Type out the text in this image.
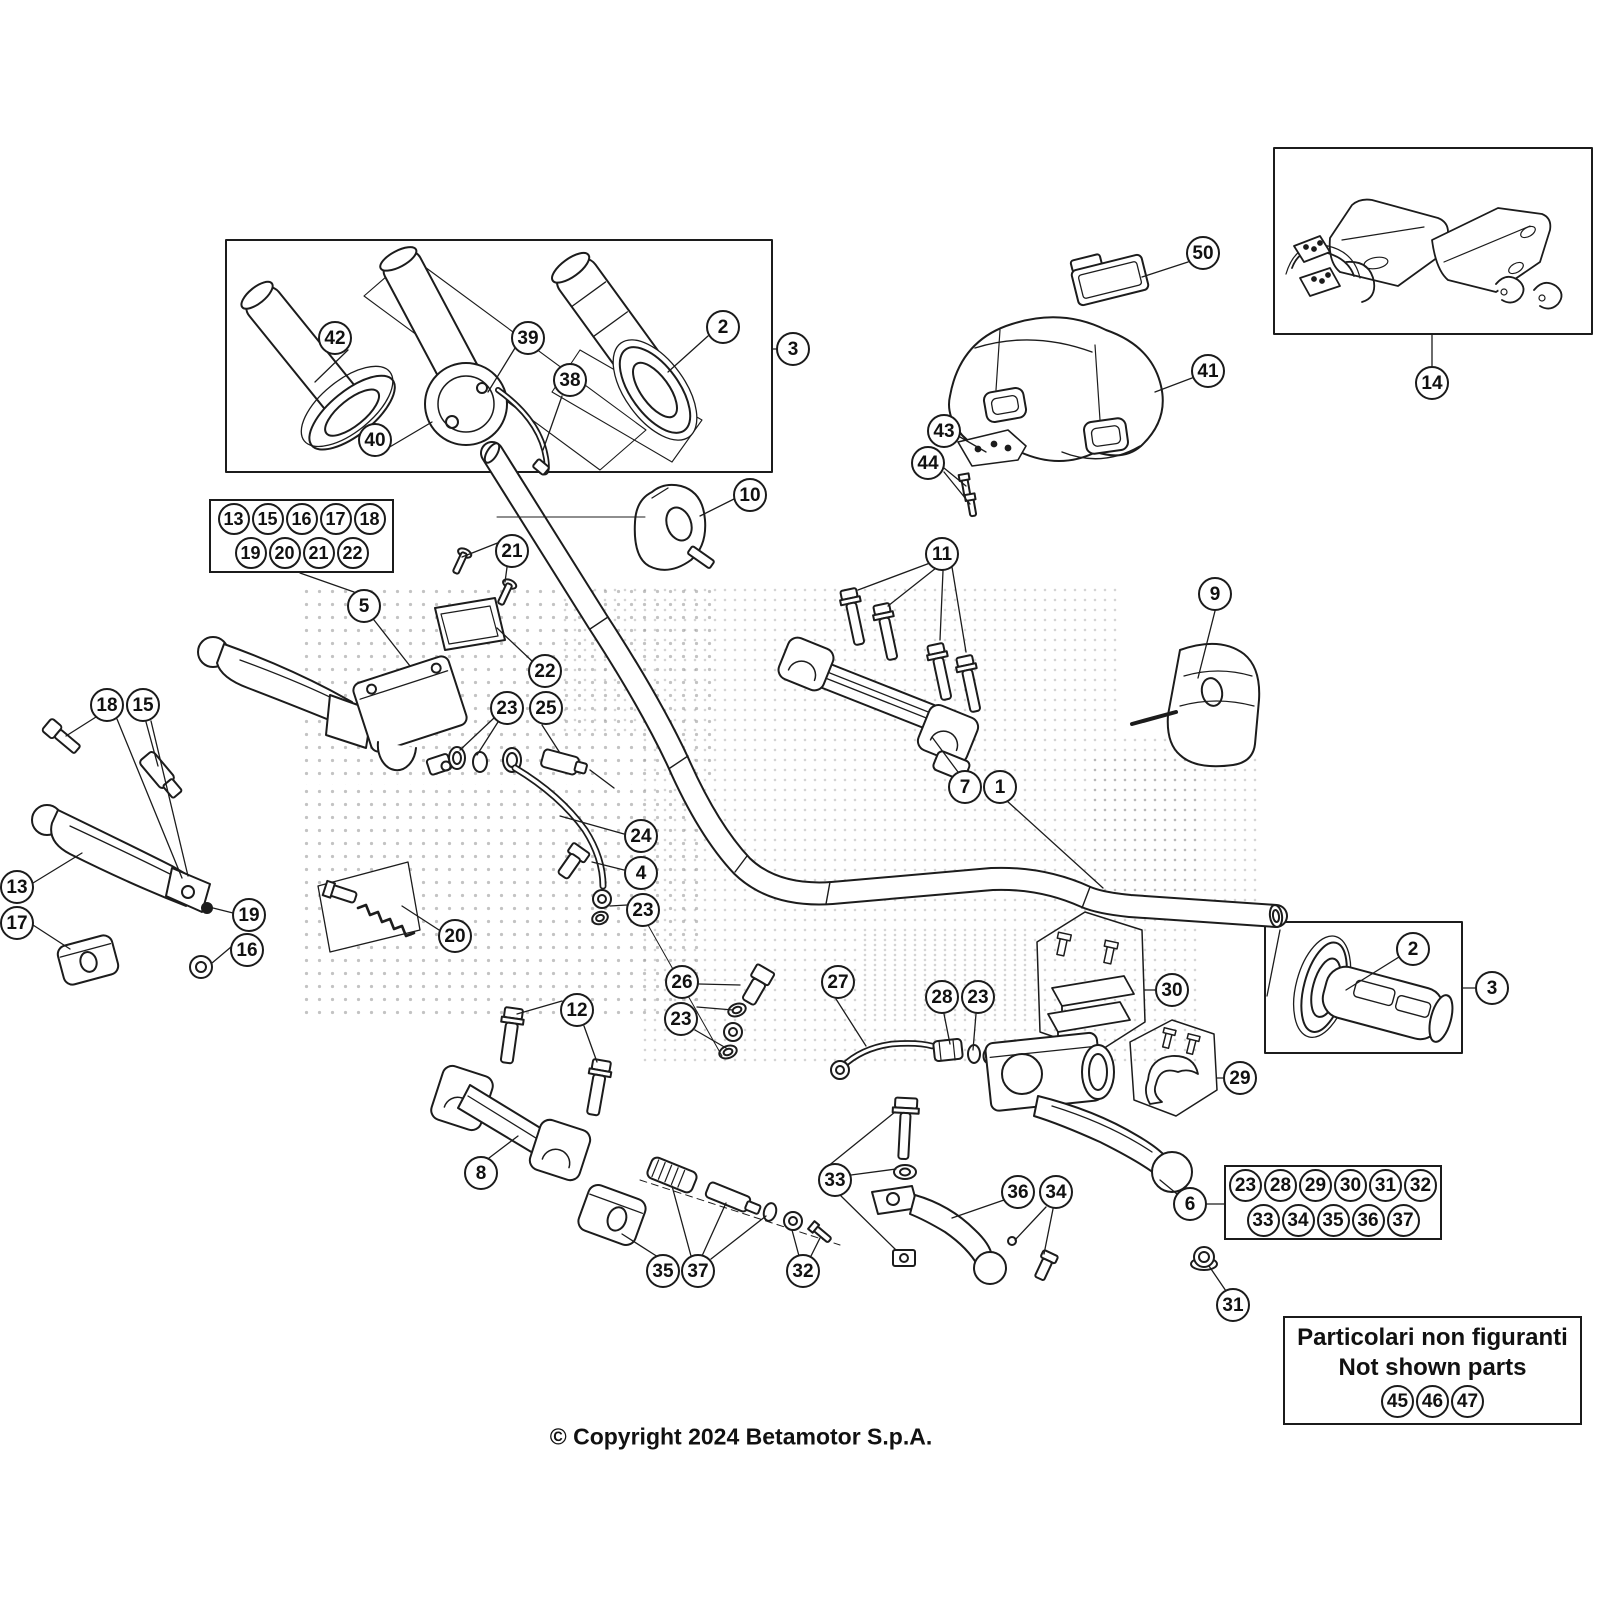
13 15 16 17 18
19 20 21 22
23 28 29 30 31 32
33 34 35 36 37
Particolari non figuranti
Not shown parts
45 46 47
© Copyright 2024 Betamotor S.p.A.
42	39
38
40
2
3
10
5
21
22
18 15	23 25
9
11
50
41
43
44
14
7	1
24
4
23
13
17	19
16
20
26
23
27
28 23	30
12
8
29
2
3
33
36 34
6
35 37	32
31
